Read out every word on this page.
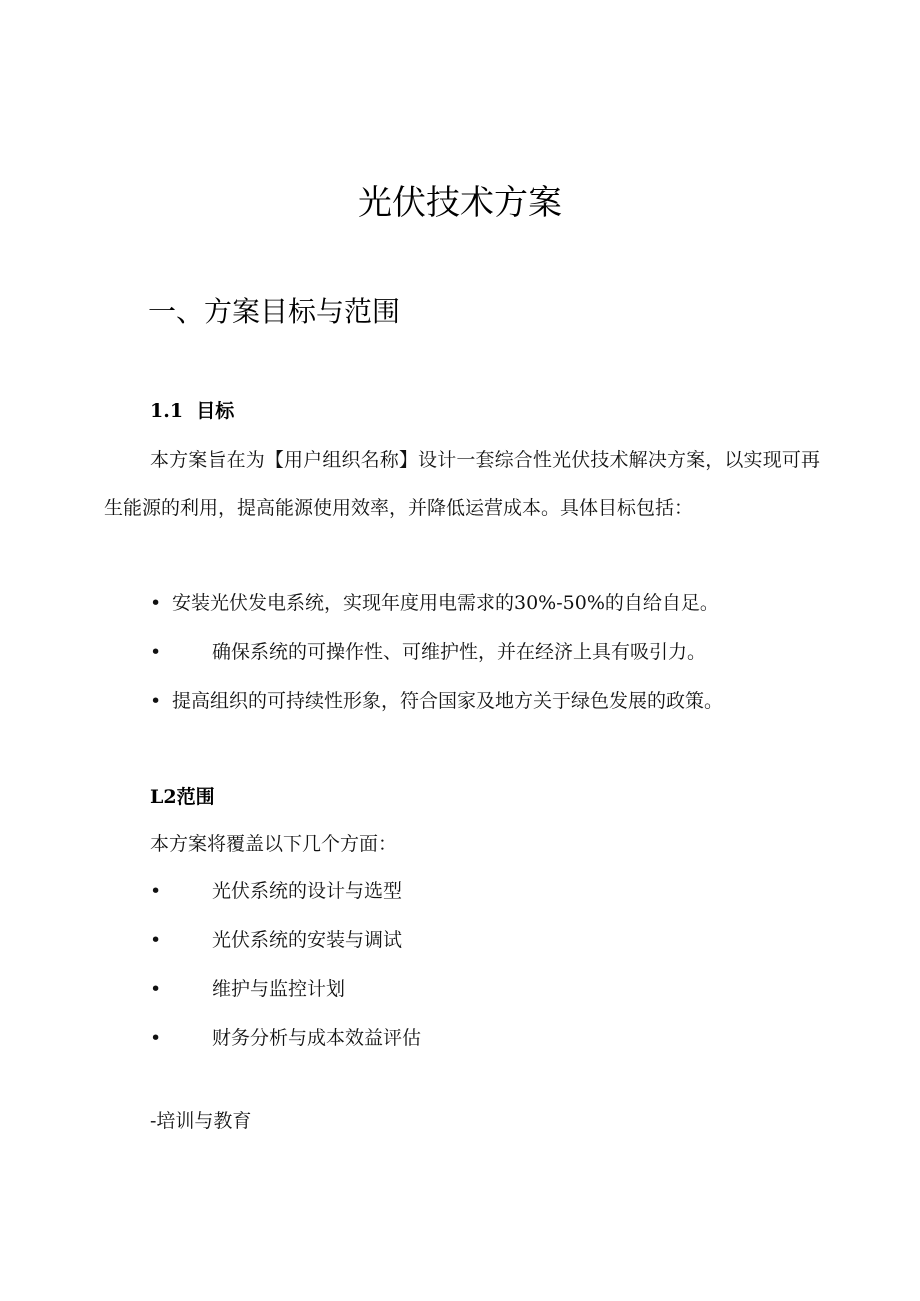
光伏技术方案
一、方案目标与范围
1.1  目标

本方案旨在为【用户组织名称】设计一套综合性光伏技术解决方案，以实现可再生能源的利用，提高能源使用效率，并降低运营成本。具体目标包括：

• 安装光伏发电系统，实现年度用电需求的30%-50%的自给自足。
•	确保系统的可操作性、可维护性，并在经济上具有吸引力。
• 提高组织的可持续性形象，符合国家及地方关于绿色发展的政策。
L2范围

本方案将覆盖以下几个方面：

•	光伏系统的设计与选型
•	光伏系统的安装与调试
•	维护与监控计划
•	财务分析与成本效益评估
-培训与教育
